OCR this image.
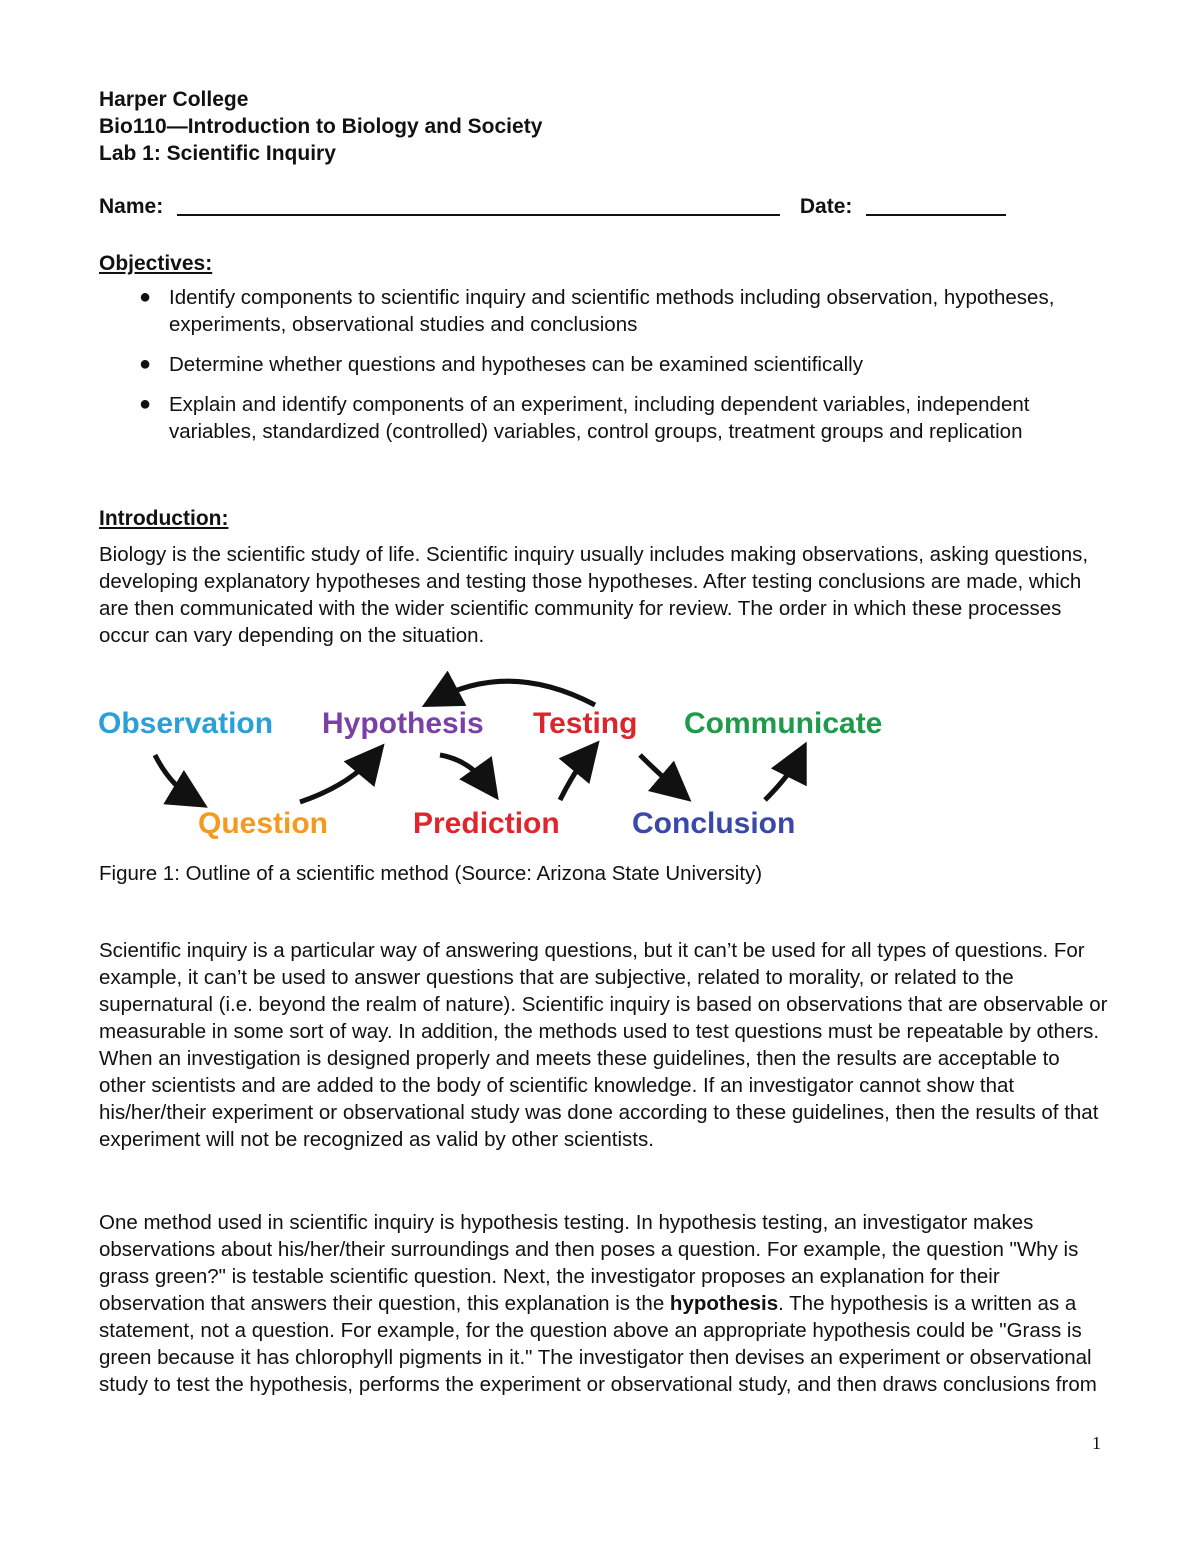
Harper College
Bio110—Introduction to Biology and Society
Lab 1: Scientific Inquiry
Name:	Date:
Objectives:
● Identify components to scientific inquiry and scientific methods including observation, hypotheses, experiments, observational studies and conclusions
● Determine whether questions and hypotheses can be examined scientifically
● Explain and identify components of an experiment, including dependent variables, independent variables, standardized (controlled) variables, control groups, treatment groups and replication
Introduction:

Biology is the scientific study of life. Scientific inquiry usually includes making observations, asking questions, developing explanatory hypotheses and testing those hypotheses. After testing conclusions are made, which are then communicated with the wider scientific community for review. The order in which these processes occur can vary depending on the situation.

Observation Hypothesis Testing Communicate
Question	Prediction Conclusion
Figure 1: Outline of a scientific method (Source: Arizona State University)

Scientific inquiry is a particular way of answering questions, but it can’t be used for all types of questions. For example, it can’t be used to answer questions that are subjective, related to morality, or related to the supernatural (i.e. beyond the realm of nature). Scientific inquiry is based on observations that are observable or measurable in some sort of way. In addition, the methods used to test questions must be repeatable by others. When an investigation is designed properly and meets these guidelines, then the results are acceptable to other scientists and are added to the body of scientific knowledge. If an investigator cannot show that his/her/their experiment or observational study was done according to these guidelines, then the results of that experiment will not be recognized as valid by other scientists.

One method used in scientific inquiry is hypothesis testing. In hypothesis testing, an investigator makes observations about his/her/their surroundings and then poses a question. For example, the question "Why is grass green?" is testable scientific question. Next, the investigator proposes an explanation for their observation that answers their question, this explanation is the hypothesis. The hypothesis is a written as a statement, not a question. For example, for the question above an appropriate hypothesis could be "Grass is green because it has chlorophyll pigments in it." The investigator then devises an experiment or observational study to test the hypothesis, performs the experiment or observational study, and then draws conclusions from

1
